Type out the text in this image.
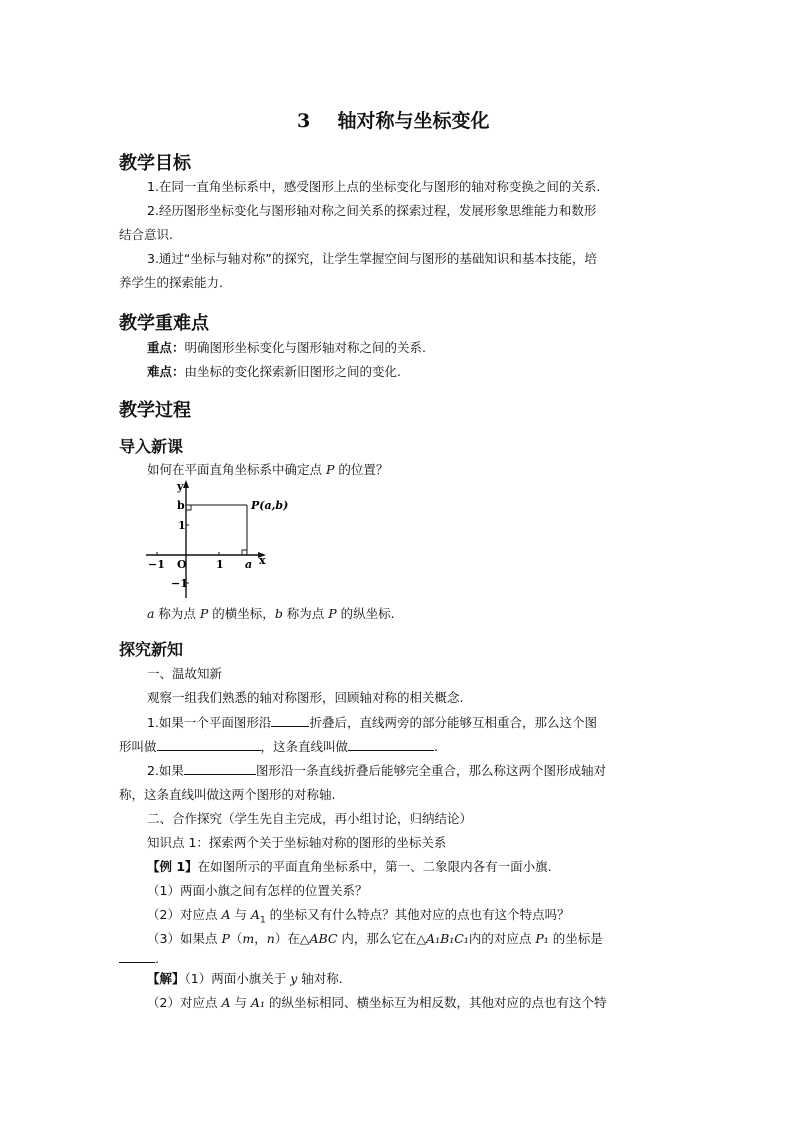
3 轴对称与坐标变化
教学目标
1.在同一直角坐标系中，感受图形上点的坐标变化与图形的轴对称变换之间的关系.
2.经历图形坐标变化与图形轴对称之间关系的探索过程，发展形象思维能力和数形
结合意识.
3.通过“坐标与轴对称”的探究，让学生掌握空间与图形的基础知识和基本技能，培
养学生的探索能力.
教学重难点
重点：明确图形坐标变化与图形轴对称之间的关系.
难点：由坐标的变化探索新旧图形之间的变化.
教学过程
导入新课
如何在平面直角坐标系中确定点 P 的位置？
y
x
O
b
1
−1
1
−1	a
P(a,b)
a 称为点 P 的横坐标，b 称为点 P 的纵坐标.
探究新知
一、温故知新
观察一组我们熟悉的轴对称图形，回顾轴对称的相关概念.
1.如果一个平面图形沿	折叠后，直线两旁的部分能够互相重合，那么这个图
形叫做	，这条直线叫做	.
2.如果	图形沿一条直线折叠后能够完全重合，那么称这两个图形成轴对
称，这条直线叫做这两个图形的对称轴.
二、合作探究（学生先自主完成，再小组讨论，归纳结论）
知识点 1：探索两个关于坐标轴对称的图形的坐标关系
【例 1】在如图所示的平面直角坐标系中，第一、二象限内各有一面小旗.
（1）两面小旗之间有怎样的位置关系？
（2）对应点 A 与 $A_1$ 的坐标又有什么特点？其他对应的点也有这个特点吗？
（3）如果点 P（m，n）在△ABC 内，那么它在△A₁B₁C₁内的对应点 P₁ 的坐标是
.
【解】（1）两面小旗关于 y 轴对称.
（2）对应点 A 与 A₁ 的纵坐标相同、横坐标互为相反数，其他对应的点也有这个特
